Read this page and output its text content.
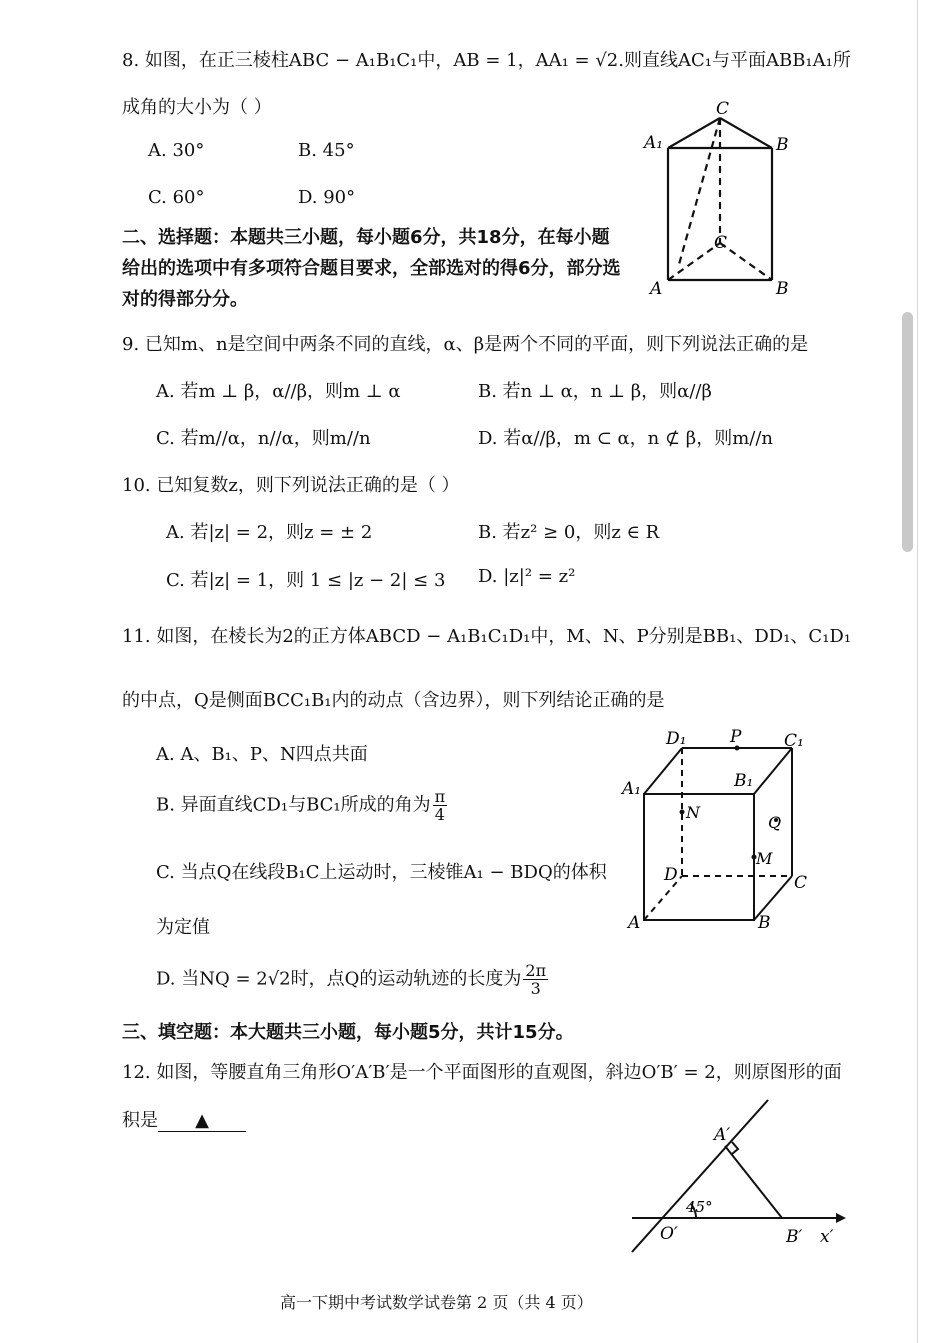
8. 如图，在正三棱柱ABC − A₁B₁C₁中，AB = 1，AA₁ = √2.则直线AC₁与平面ABB₁A₁所
成角的大小为（ ）
A. 30°	B. 45°
C. 60°	D. 90°
C
A₁	B
C
A	B
二、选择题：本题共三小题，每小题6分，共18分，在每小题给出的选项中有多项符合题目要求，全部选对的得6分，部分选对的得部分分。
9. 已知m、n是空间中两条不同的直线，α、β是两个不同的平面，则下列说法正确的是
A. 若m ⊥ β，α//β，则m ⊥ α	B. 若n ⊥ α，n ⊥ β，则α//β
C. 若m//α，n//α，则m//n	D. 若α//β，m ⊂ α，n ⊄ β，则m//n
10. 已知复数z，则下列说法正确的是（ ）
A. 若|z| = 2，则z = ± 2	B. 若z² ≥ 0，则z ∈ R
C. 若|z| = 1，则 1 ≤ |z − 2| ≤ 3 D. |z|² = z²
11. 如图，在棱长为2的正方体ABCD − A₁B₁C₁D₁中，M、N、P分别是BB₁、DD₁、C₁D₁
的中点，Q是侧面BCC₁B₁内的动点（含边界），则下列结论正确的是
A. A、B₁、P、N四点共面
B. 异面直线CD₁与BC₁所成的角为 $\frac{\pi}{4}$
C. 当点Q在线段B₁C上运动时，三棱锥A₁ − BDQ的体积
为定值
D. 当NQ = 2√2时，点Q的运动轨迹的长度为 $\frac{2\pi}{3}$
D₁	P	C₁
A₁	B₁
N
Q
M
D	C
A	B
三、填空题：本大题共三小题，每小题5分，共计15分。
12. 如图，等腰直角三角形O′A′B′是一个平面图形的直观图，斜边O′B′ = 2，则原图形的面
积是 ▲
A′
45°
O′	B′ x′
高一下期中考试数学试卷第 2 页（共 4 页）
